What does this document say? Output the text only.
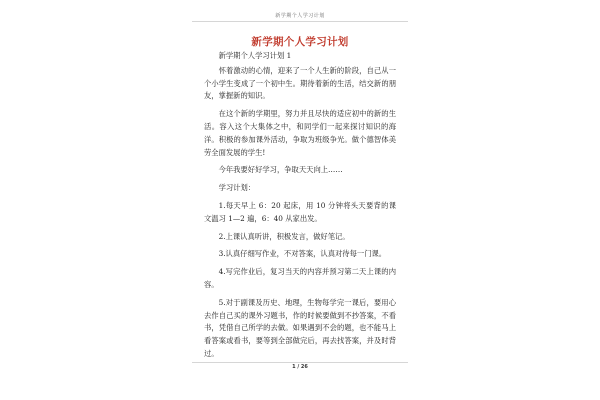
新学期个人学习计划
新学期个人学习计划

新学期个人学习计划 1

怀着激动的心情，迎来了一个人生新的阶段，自己从一个小学生变成了一个初中生。期待着新的生活，结交新的朋友，掌握新的知识。

在这个新的学期里，努力并且尽快的适应初中的新的生活。容入这个大集体之中，和同学们一起来探讨知识的海洋。积极的参加课外活动，争取为班级争光。做个德智体美劳全面发展的学生!

今年我要好好学习，争取天天向上……

学习计划：

1.每天早上 6：20 起床，用 10 分钟将头天要背的课文温习 1—2 遍，6：40 从家出发。

2.上课认真听讲，积极发言，做好笔记。

3.认真仔细写作业，不对答案，认真对待每一门课。

4.写完作业后，复习当天的内容并预习第二天上课的内容。

5.对于副课及历史、地理，生物每学完一课后，要用心去作自己买的课外习题书，作的时候要做到不抄答案，不看书，凭借自己所学的去做。如果遇到不会的题，也不能马上看答案或看书，要等到全部做完后，再去找答案，并及时背过。

1 / 26
